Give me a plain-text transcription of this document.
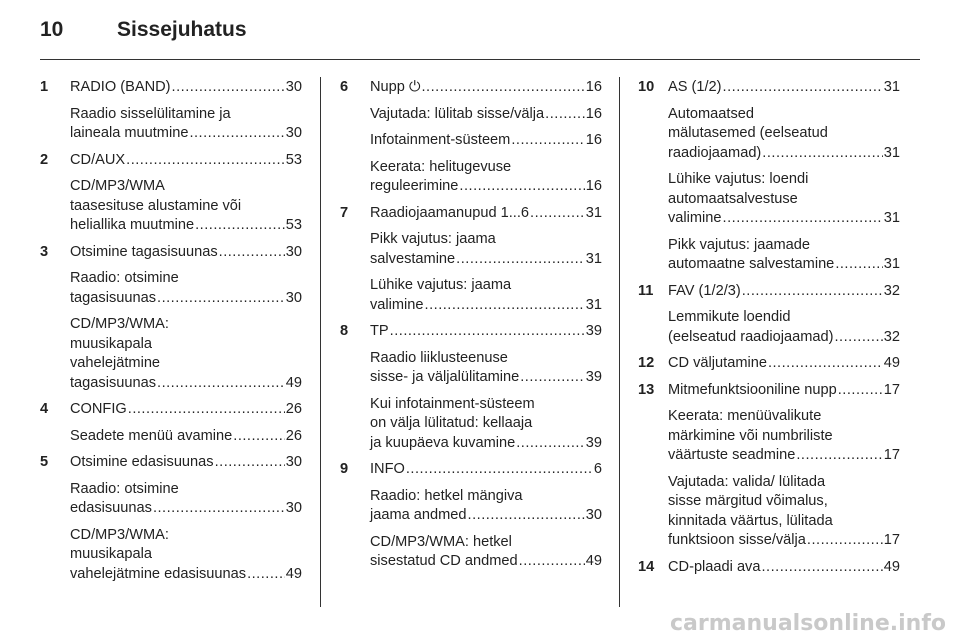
10	Sissejuhatus
1 RADIO (BAND) .....	30
Raadio sisselülitamine ja
laineala muutmine .....	30
2 CD/AUX .....	53
CD/MP3/WMA
taasesituse alustamine või
heliallika muutmine .....	53
3 Otsimine tagasisuunas .....	30
Raadio: otsimine
tagasisuunas .....	30
CD/MP3/WMA:
muusikapala
vahelejätmine
tagasisuunas .....	49
4 CONFIG .....	26
Seadete menüü avamine .....	26
5 Otsimine edasisuunas .....	30
Raadio: otsimine
edasisuunas .....	30
CD/MP3/WMA:
muusikapala
vahelejätmine edasisuunas .....	49
6 Nupp ⏻ .....	16
Vajutada: lülitab sisse/välja .....	16
Infotainment-süsteem .....	16
Keerata: helitugevuse
reguleerimine .....	16
7 Raadiojaamanupud 1...6 .....	31
Pikk vajutus: jaama
salvestamine .....	31
Lühike vajutus: jaama
valimine .....	31
8 TP .....	39
Raadio liiklusteenuse
sisse- ja väljalülitamine .....	39
Kui infotainment-süsteem
on välja lülitatud: kellaaja
ja kuupäeva kuvamine .....	39
9 INFO .....	6
Raadio: hetkel mängiva
jaama andmed .....	30
CD/MP3/WMA: hetkel
sisestatud CD andmed .....	49
10 AS (1/2) .....	31
Automaatsed
mälutasemed (eelseatud
raadiojaamad) .....	31
Lühike vajutus: loendi
automaatsalvestuse
valimine .....	31
Pikk vajutus: jaamade
automaatne salvestamine .....	31
11 FAV (1/2/3) .....	32
Lemmikute loendid
(eelseatud raadiojaamad) .....	32
12 CD väljutamine .....	49
13 Mitmefunktsiooniline nupp .....	17
Keerata: menüüvalikute
märkimine või numbriliste
väärtuste seadmine .....	17
Vajutada: valida/ lülitada
sisse märgitud võimalus,
kinnitada väärtus, lülitada
funktsioon sisse/välja .....	17
14 CD-plaadi ava .....	49
carmanualsonline.info
